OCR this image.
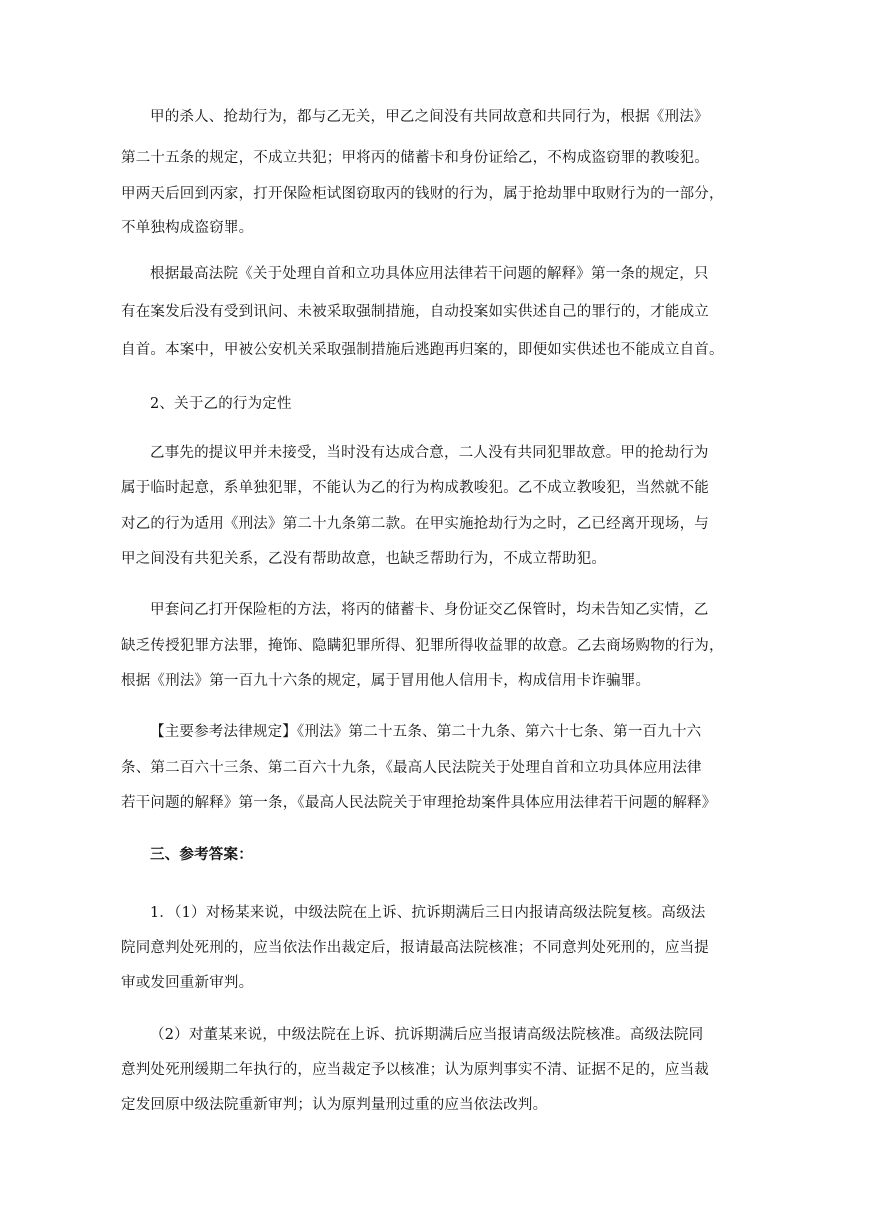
甲的杀人、抢劫行为，都与乙无关，甲乙之间没有共同故意和共同行为，根据《刑法》
第二十五条的规定，不成立共犯；甲将丙的储蓄卡和身份证给乙，不构成盗窃罪的教唆犯。
甲两天后回到丙家，打开保险柜试图窃取丙的钱财的行为，属于抢劫罪中取财行为的一部分，
不单独构成盗窃罪。
根据最高法院《关于处理自首和立功具体应用法律若干问题的解释》第一条的规定，只
有在案发后没有受到讯问、未被采取强制措施，自动投案如实供述自己的罪行的，才能成立
自首。本案中，甲被公安机关采取强制措施后逃跑再归案的，即便如实供述也不能成立自首。
2、关于乙的行为定性
乙事先的提议甲并未接受，当时没有达成合意，二人没有共同犯罪故意。甲的抢劫行为
属于临时起意，系单独犯罪，不能认为乙的行为构成教唆犯。乙不成立教唆犯，当然就不能
对乙的行为适用《刑法》第二十九条第二款。在甲实施抢劫行为之时，乙已经离开现场，与
甲之间没有共犯关系，乙没有帮助故意，也缺乏帮助行为，不成立帮助犯。
甲套问乙打开保险柜的方法，将丙的储蓄卡、身份证交乙保管时，均未告知乙实情，乙
缺乏传授犯罪方法罪，掩饰、隐瞒犯罪所得、犯罪所得收益罪的故意。乙去商场购物的行为，
根据《刑法》第一百九十六条的规定，属于冒用他人信用卡，构成信用卡诈骗罪。
【主要参考法律规定】《刑法》第二十五条、第二十九条、第六十七条、第一百九十六
条、第二百六十三条、第二百六十九条，《最高人民法院关于处理自首和立功具体应用法律
若干问题的解释》第一条，《最高人民法院关于审理抢劫案件具体应用法律若干问题的解释》
三、参考答案：
1．（1）对杨某来说，中级法院在上诉、抗诉期满后三日内报请高级法院复核。高级法
院同意判处死刑的，应当依法作出裁定后，报请最高法院核准；不同意判处死刑的，应当提
审或发回重新审判。
（2）对董某来说，中级法院在上诉、抗诉期满后应当报请高级法院核准。高级法院同
意判处死刑缓期二年执行的，应当裁定予以核准；认为原判事实不清、证据不足的，应当裁
定发回原中级法院重新审判；认为原判量刑过重的应当依法改判。
